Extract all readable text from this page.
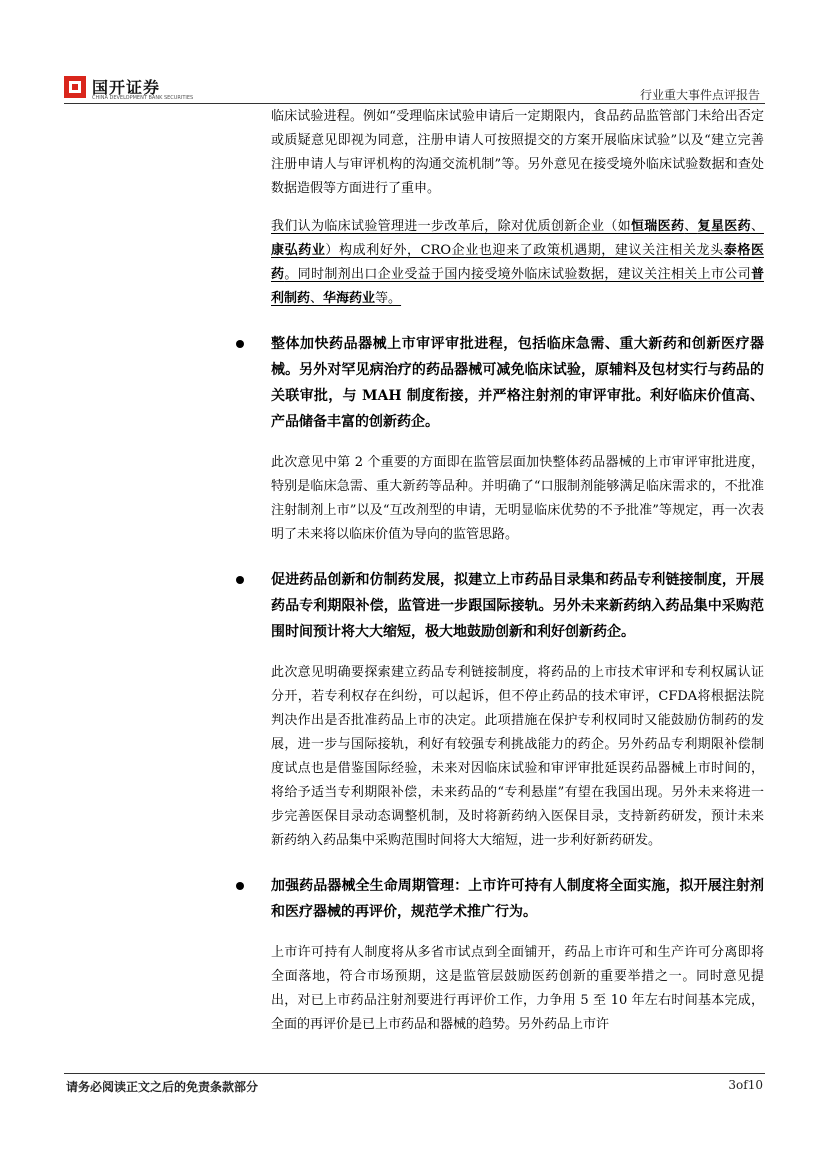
国开证券
CHINA DEVELOPMENT BANK SECURITIES	行业重大事件点评报告
临床试验进程。例如“受理临床试验申请后一定期限内，食品药品监管部门未给出否定或质疑意见即视为同意，注册申请人可按照提交的方案开展临床试验”以及“建立完善注册申请人与审评机构的沟通交流机制”等。另外意见在接受境外临床试验数据和查处数据造假等方面进行了重申。
我们认为临床试验管理进一步改革后，除对优质创新企业（如恒瑞医药、复星医药、康弘药业）构成利好外，CRO企业也迎来了政策机遇期，建议关注相关龙头泰格医药。同时制剂出口企业受益于国内接受境外临床试验数据，建议关注相关上市公司普利制药、华海药业等。
整体加快药品器械上市审评审批进程，包括临床急需、重大新药和创新医疗器械。另外对罕见病治疗的药品器械可减免临床试验，原辅料及包材实行与药品的关联审批，与 MAH 制度衔接，并严格注射剂的审评审批。利好临床价值高、产品储备丰富的创新药企。
此次意见中第 2 个重要的方面即在监管层面加快整体药品器械的上市审评审批进度，特别是临床急需、重大新药等品种。并明确了“口服制剂能够满足临床需求的，不批准注射制剂上市”以及“互改剂型的申请，无明显临床优势的不予批准”等规定，再一次表明了未来将以临床价值为导向的监管思路。
促进药品创新和仿制药发展，拟建立上市药品目录集和药品专利链接制度，开展药品专利期限补偿，监管进一步跟国际接轨。另外未来新药纳入药品集中采购范围时间预计将大大缩短，极大地鼓励创新和利好创新药企。
此次意见明确要探索建立药品专利链接制度，将药品的上市技术审评和专利权属认证分开，若专利权存在纠纷，可以起诉，但不停止药品的技术审评，CFDA将根据法院判决作出是否批准药品上市的决定。此项措施在保护专利权同时又能鼓励仿制药的发展，进一步与国际接轨，利好有较强专利挑战能力的药企。另外药品专利期限补偿制度试点也是借鉴国际经验，未来对因临床试验和审评审批延误药品器械上市时间的，将给予适当专利期限补偿，未来药品的“专利悬崖”有望在我国出现。另外未来将进一步完善医保目录动态调整机制，及时将新药纳入医保目录，支持新药研发，预计未来新药纳入药品集中采购范围时间将大大缩短，进一步利好新药研发。
加强药品器械全生命周期管理：上市许可持有人制度将全面实施，拟开展注射剂和医疗器械的再评价，规范学术推广行为。
上市许可持有人制度将从多省市试点到全面铺开，药品上市许可和生产许可分离即将全面落地，符合市场预期，这是监管层鼓励医药创新的重要举措之一。同时意见提出，对已上市药品注射剂要进行再评价工作，力争用 5 至 10 年左右时间基本完成，全面的再评价是已上市药品和器械的趋势。另外药品上市许
请务必阅读正文之后的免责条款部分	3of10
